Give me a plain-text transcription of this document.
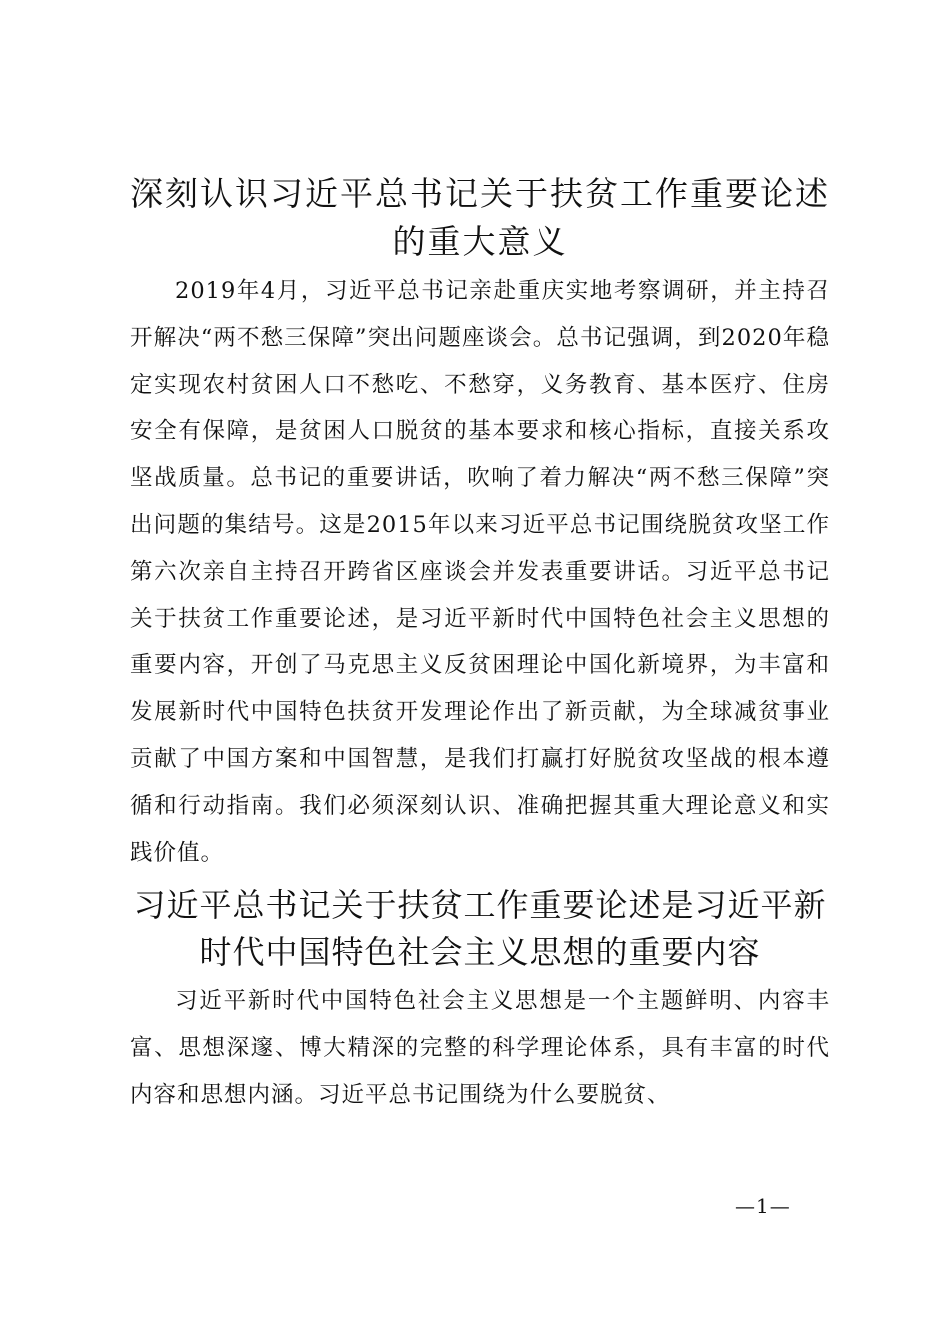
深刻认识习近平总书记关于扶贫工作重要论述的重大意义

2019年4月，习近平总书记亲赴重庆实地考察调研，并主持召开解决“两不愁三保障”突出问题座谈会。总书记强调，到2020年稳定实现农村贫困人口不愁吃、不愁穿，义务教育、基本医疗、住房安全有保障，是贫困人口脱贫的基本要求和核心指标，直接关系攻坚战质量。总书记的重要讲话，吹响了着力解决“两不愁三保障”突出问题的集结号。这是2015年以来习近平总书记围绕脱贫攻坚工作第六次亲自主持召开跨省区座谈会并发表重要讲话。习近平总书记关于扶贫工作重要论述，是习近平新时代中国特色社会主义思想的重要内容，开创了马克思主义反贫困理论中国化新境界，为丰富和发展新时代中国特色扶贫开发理论作出了新贡献，为全球减贫事业贡献了中国方案和中国智慧，是我们打赢打好脱贫攻坚战的根本遵循和行动指南。我们必须深刻认识、准确把握其重大理论意义和实践价值。

习近平总书记关于扶贫工作重要论述是习近平新时代中国特色社会主义思想的重要内容

习近平新时代中国特色社会主义思想是一个主题鲜明、内容丰富、思想深邃、博大精深的完整的科学理论体系，具有丰富的时代内容和思想内涵。习近平总书记围绕为什么要脱贫、

—1—
